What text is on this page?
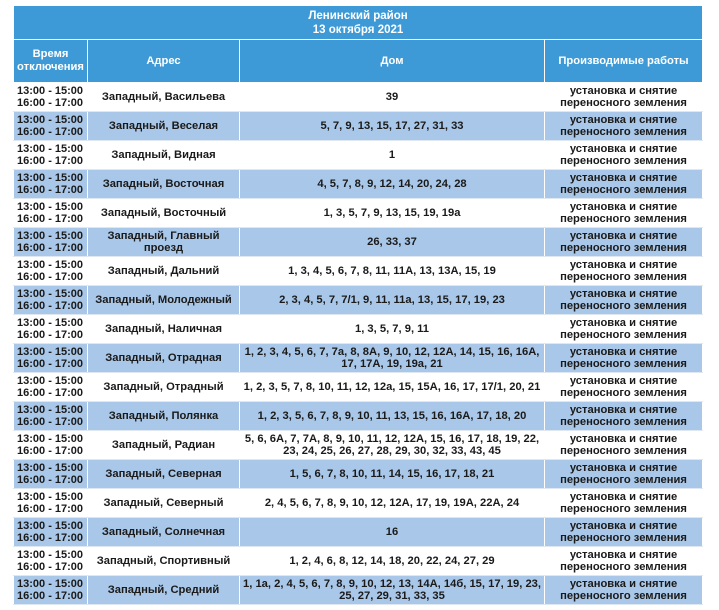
Ленинский район
13 октября 2021			

Время
отключения	Адрес	Дом	Производимые работы

13:00 - 15:00
16:00 - 17:00	Западный, Васильева	39	установка и снятие
переносного земления

13:00 - 15:00
16:00 - 17:00	Западный, Веселая	5, 7, 9, 13, 15, 17, 27, 31, 33	установка и снятие
переносного земления

13:00 - 15:00
16:00 - 17:00	Западный, Видная	1	установка и снятие
переносного земления

13:00 - 15:00
16:00 - 17:00	Западный, Восточная	4, 5, 7, 8, 9, 12, 14, 20, 24, 28	установка и снятие
переносного земления

13:00 - 15:00
16:00 - 17:00	Западный, Восточный	1, 3, 5, 7, 9, 13, 15, 19, 19а	установка и снятие
переносного земления

13:00 - 15:00
16:00 - 17:00	Западный, Главный проезд	26, 33, 37	установка и снятие
переносного земления

13:00 - 15:00
16:00 - 17:00	Западный, Дальний	1, 3, 4, 5, 6, 7, 8, 11, 11А, 13, 13А, 15, 19	установка и снятие
переносного земления

13:00 - 15:00
16:00 - 17:00	Западный, Молодежный	2, 3, 4, 5, 7, 7/1, 9, 11, 11а, 13, 15, 17, 19, 23	установка и снятие
переносного земления

13:00 - 15:00
16:00 - 17:00	Западный, Наличная	1, 3, 5, 7, 9, 11	установка и снятие
переносного земления

13:00 - 15:00
16:00 - 17:00	Западный, Отрадная	1, 2, 3, 4, 5, 6, 7, 7а, 8, 8А, 9, 10, 12, 12А, 14, 15, 16, 16А, 17, 17А, 19, 19а, 21	установка и снятие
переносного земления

13:00 - 15:00
16:00 - 17:00	Западный, Отрадный	1, 2, 3, 5, 7, 8, 10, 11, 12, 12а, 15, 15А, 16, 17, 17/1, 20, 21	установка и снятие
переносного земления

13:00 - 15:00
16:00 - 17:00	Западный, Полянка	1, 2, 3, 5, 6, 7, 8, 9, 10, 11, 13, 15, 16, 16А, 17, 18, 20	установка и снятие
переносного земления

13:00 - 15:00
16:00 - 17:00	Западный, Радиан	5, 6, 6А, 7, 7А, 8, 9, 10, 11, 12, 12А, 15, 16, 17, 18, 19, 22, 23, 24, 25, 26, 27, 28, 29, 30, 32, 33, 43, 45	установка и снятие
переносного земления

13:00 - 15:00
16:00 - 17:00	Западный, Северная	1, 5, 6, 7, 8, 10, 11, 14, 15, 16, 17, 18, 21	установка и снятие
переносного земления

13:00 - 15:00
16:00 - 17:00	Западный, Северный	2, 4, 5, 6, 7, 8, 9, 10, 12, 12А, 17, 19, 19А, 22А, 24	установка и снятие
переносного земления

13:00 - 15:00
16:00 - 17:00	Западный, Солнечная	16	установка и снятие
переносного земления

13:00 - 15:00
16:00 - 17:00	Западный, Спортивный	1, 2, 4, 6, 8, 12, 14, 18, 20, 22, 24, 27, 29	установка и снятие
переносного земления

13:00 - 15:00
16:00 - 17:00	Западный, Средний	1, 1а, 2, 4, 5, 6, 7, 8, 9, 10, 12, 13, 14А, 14б, 15, 17, 19, 23, 25, 27, 29, 31, 33, 35	установка и снятие
переносного земления
